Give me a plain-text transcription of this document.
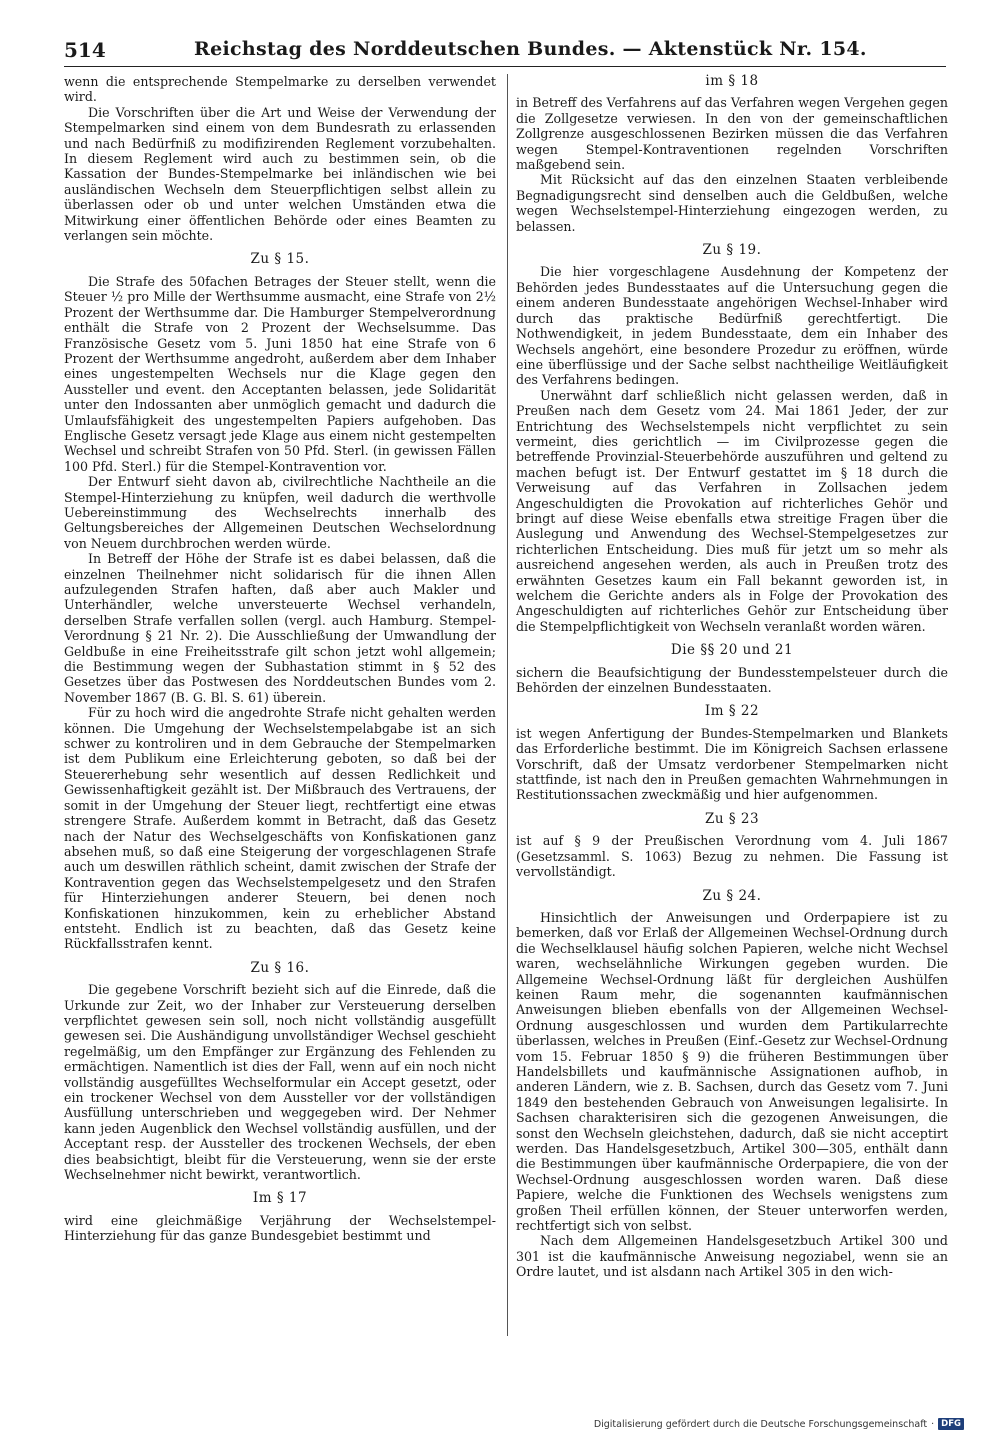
514	Reichstag des Norddeutschen Bundes. — Aktenstück Nr. 154.

wenn die entsprechende Stempelmarke zu derselben verwendet wird.

Die Vorschriften über die Art und Weise der Verwendung der Stempelmarken sind einem von dem Bundesrath zu erlassenden und nach Bedürfniß zu modifizirenden Reglement vorzubehalten. In diesem Reglement wird auch zu bestimmen sein, ob die Kassation der Bundes-Stempelmarke bei inländischen wie bei ausländischen Wechseln dem Steuerpflichtigen selbst allein zu überlassen oder ob und unter welchen Umständen etwa die Mitwirkung einer öffentlichen Behörde oder eines Beamten zu verlangen sein möchte.

Zu § 15.

Die Strafe des 50fachen Betrages der Steuer stellt, wenn die Steuer ½ pro Mille der Werthsumme ausmacht, eine Strafe von 2½ Prozent der Werthsumme dar. Die Hamburger Stempelverordnung enthält die Strafe von 2 Prozent der Wechselsumme. Das Französische Gesetz vom 5. Juni 1850 hat eine Strafe von 6 Prozent der Werthsumme angedroht, außerdem aber dem Inhaber eines ungestempelten Wechsels nur die Klage gegen den Aussteller und event. den Acceptanten belassen, jede Solidarität unter den Indossanten aber unmöglich gemacht und dadurch die Umlaufsfähigkeit des ungestempelten Papiers aufgehoben. Das Englische Gesetz versagt jede Klage aus einem nicht gestempelten Wechsel und schreibt Strafen von 50 Pfd. Sterl. (in gewissen Fällen 100 Pfd. Sterl.) für die Stempel-Kontravention vor.

Der Entwurf sieht davon ab, civilrechtliche Nachtheile an die Stempel-Hinterziehung zu knüpfen, weil dadurch die werthvolle Uebereinstimmung des Wechselrechts innerhalb des Geltungsbereiches der Allgemeinen Deutschen Wechselordnung von Neuem durchbrochen werden würde.

In Betreff der Höhe der Strafe ist es dabei belassen, daß die einzelnen Theilnehmer nicht solidarisch für die ihnen Allen aufzulegenden Strafen haften, daß aber auch Makler und Unterhändler, welche unversteuerte Wechsel verhandeln, derselben Strafe verfallen sollen (vergl. auch Hamburg. Stempel-Verordnung § 21 Nr. 2). Die Ausschließung der Umwandlung der Geldbuße in eine Freiheitsstrafe gilt schon jetzt wohl allgemein; die Bestimmung wegen der Subhastation stimmt in § 52 des Gesetzes über das Postwesen des Norddeutschen Bundes vom 2. November 1867 (B. G. Bl. S. 61) überein.

Für zu hoch wird die angedrohte Strafe nicht gehalten werden können. Die Umgehung der Wechselstempelabgabe ist an sich schwer zu kontroliren und in dem Gebrauche der Stempelmarken ist dem Publikum eine Erleichterung geboten, so daß bei der Steuererhebung sehr wesentlich auf dessen Redlichkeit und Gewissenhaftigkeit gezählt ist. Der Mißbrauch des Vertrauens, der somit in der Umgehung der Steuer liegt, rechtfertigt eine etwas strengere Strafe. Außerdem kommt in Betracht, daß das Gesetz nach der Natur des Wechselgeschäfts von Konfiskationen ganz absehen muß, so daß eine Steigerung der vorgeschlagenen Strafe auch um deswillen räthlich scheint, damit zwischen der Strafe der Kontravention gegen das Wechselstempelgesetz und den Strafen für Hinterziehungen anderer Steuern, bei denen noch Konfiskationen hinzukommen, kein zu erheblicher Abstand entsteht. Endlich ist zu beachten, daß das Gesetz keine Rückfallsstrafen kennt.

Zu § 16.

Die gegebene Vorschrift bezieht sich auf die Einrede, daß die Urkunde zur Zeit, wo der Inhaber zur Versteuerung derselben verpflichtet gewesen sein soll, noch nicht vollständig ausgefüllt gewesen sei. Die Aushändigung unvollständiger Wechsel geschieht regelmäßig, um den Empfänger zur Ergänzung des Fehlenden zu ermächtigen. Namentlich ist dies der Fall, wenn auf ein noch nicht vollständig ausgefülltes Wechselformular ein Accept gesetzt, oder ein trockener Wechsel von dem Aussteller vor der vollständigen Ausfüllung unterschrieben und weggegeben wird. Der Nehmer kann jeden Augenblick den Wechsel vollständig ausfüllen, und der Acceptant resp. der Aussteller des trockenen Wechsels, der eben dies beabsichtigt, bleibt für die Versteuerung, wenn sie der erste Wechselnehmer nicht bewirkt, verantwortlich.

Im § 17

wird eine gleichmäßige Verjährung der Wechselstempel-Hinterziehung für das ganze Bundesgebiet bestimmt und

im § 18

in Betreff des Verfahrens auf das Verfahren wegen Vergehen gegen die Zollgesetze verwiesen. In den von der gemeinschaftlichen Zollgrenze ausgeschlossenen Bezirken müssen die das Verfahren wegen Stempel-Kontraventionen regelnden Vorschriften maßgebend sein.

Mit Rücksicht auf das den einzelnen Staaten verbleibende Begnadigungsrecht sind denselben auch die Geldbußen, welche wegen Wechselstempel-Hinterziehung eingezogen werden, zu belassen.

Zu § 19.

Die hier vorgeschlagene Ausdehnung der Kompetenz der Behörden jedes Bundesstaates auf die Untersuchung gegen die einem anderen Bundesstaate angehörigen Wechsel-Inhaber wird durch das praktische Bedürfniß gerechtfertigt. Die Nothwendigkeit, in jedem Bundesstaate, dem ein Inhaber des Wechsels angehört, eine besondere Prozedur zu eröffnen, würde eine überflüssige und der Sache selbst nachtheilige Weitläufigkeit des Verfahrens bedingen.

Unerwähnt darf schließlich nicht gelassen werden, daß in Preußen nach dem Gesetz vom 24. Mai 1861 Jeder, der zur Entrichtung des Wechselstempels nicht verpflichtet zu sein vermeint, dies gerichtlich — im Civilprozesse gegen die betreffende Provinzial-Steuerbehörde auszuführen und geltend zu machen befugt ist. Der Entwurf gestattet im § 18 durch die Verweisung auf das Verfahren in Zollsachen jedem Angeschuldigten die Provokation auf richterliches Gehör und bringt auf diese Weise ebenfalls etwa streitige Fragen über die Auslegung und Anwendung des Wechsel-Stempelgesetzes zur richterlichen Entscheidung. Dies muß für jetzt um so mehr als ausreichend angesehen werden, als auch in Preußen trotz des erwähnten Gesetzes kaum ein Fall bekannt geworden ist, in welchem die Gerichte anders als in Folge der Provokation des Angeschuldigten auf richterliches Gehör zur Entscheidung über die Stempelpflichtigkeit von Wechseln veranlaßt worden wären.

Die §§ 20 und 21

sichern die Beaufsichtigung der Bundesstempelsteuer durch die Behörden der einzelnen Bundesstaaten.

Im § 22

ist wegen Anfertigung der Bundes-Stempelmarken und Blankets das Erforderliche bestimmt. Die im Königreich Sachsen erlassene Vorschrift, daß der Umsatz verdorbener Stempelmarken nicht stattfinde, ist nach den in Preußen gemachten Wahrnehmungen in Restitutionssachen zweckmäßig und hier aufgenommen.

Zu § 23

ist auf § 9 der Preußischen Verordnung vom 4. Juli 1867 (Gesetzsamml. S. 1063) Bezug zu nehmen. Die Fassung ist vervollständigt.

Zu § 24.

Hinsichtlich der Anweisungen und Orderpapiere ist zu bemerken, daß vor Erlaß der Allgemeinen Wechsel-Ordnung durch die Wechselklausel häufig solchen Papieren, welche nicht Wechsel waren, wechselähnliche Wirkungen gegeben wurden. Die Allgemeine Wechsel-Ordnung läßt für dergleichen Aushülfen keinen Raum mehr, die sogenannten kaufmännischen Anweisungen blieben ebenfalls von der Allgemeinen Wechsel-Ordnung ausgeschlossen und wurden dem Partikularrechte überlassen, welches in Preußen (Einf.-Gesetz zur Wechsel-Ordnung vom 15. Februar 1850 § 9) die früheren Bestimmungen über Handelsbillets und kaufmännische Assignationen aufhob, in anderen Ländern, wie z. B. Sachsen, durch das Gesetz vom 7. Juni 1849 den bestehenden Gebrauch von Anweisungen legalisirte. In Sachsen charakterisiren sich die gezogenen Anweisungen, die sonst den Wechseln gleichstehen, dadurch, daß sie nicht acceptirt werden. Das Handelsgesetzbuch, Artikel 300—305, enthält dann die Bestimmungen über kaufmännische Orderpapiere, die von der Wechsel-Ordnung ausgeschlossen worden waren. Daß diese Papiere, welche die Funktionen des Wechsels wenigstens zum großen Theil erfüllen können, der Steuer unterworfen werden, rechtfertigt sich von selbst.

Nach dem Allgemeinen Handelsgesetzbuch Artikel 300 und 301 ist die kaufmännische Anweisung negoziabel, wenn sie an Ordre lautet, und ist alsdann nach Artikel 305 in den wich-

Digitalisierung gefördert durch die Deutsche Forschungsgemeinschaft · DFG
